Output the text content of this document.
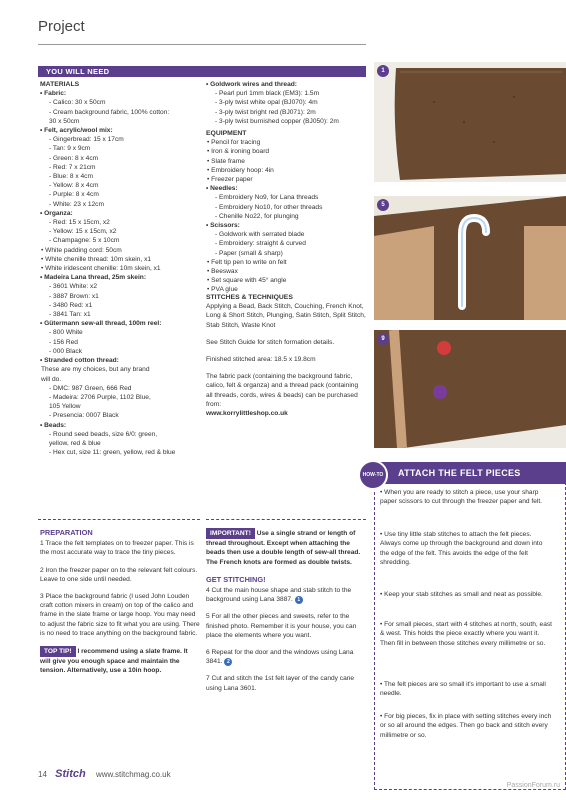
Project
YOU WILL NEED
MATERIALS
• Fabric:
- Calico: 30 x 50cm
- Cream background fabric, 100% cotton:
30 x 50cm
• Felt, acrylic/wool mix:
- Gingerbread: 15 x 17cm
- Tan: 9 x 9cm
- Green: 8 x 4cm
- Red: 7 x 21cm
- Blue: 8 x 4cm
- Yellow: 8 x 4cm
- Purple: 8 x 4cm
- White: 23 x 12cm
• Organza:
- Red: 15 x 15cm, x2
- Yellow: 15 x 15cm, x2
- Champagne: 5 x 10cm
• White padding cord: 50cm
• White chenille thread: 10m skein, x1
• White iridescent chenille: 10m skein, x1
• Madeira Lana thread, 25m skein:
- 3601 White: x2
- 3887 Brown: x1
- 3480 Red: x1
- 3841 Tan: x1
• Gütermann sew-all thread, 100m reel:
- 800 White
- 156 Red
- 000 Black
• Stranded cotton thread:
These are my choices, but any brand
will do.
- DMC: 987 Green, 666 Red
- Madeira: 2706 Purple, 1102 Blue,
105 Yellow
- Presencia: 0007 Black
• Beads:
- Round seed beads, size 6/0: green,
yellow, red & blue
- Hex cut, size 11: green, yellow, red & blue
• Goldwork wires and thread:
- Pearl purl 1mm black (EM3): 1.5m
- 3-ply twist white opal (BJ070): 4m
- 3-ply twist bright red (BJ071): 2m
- 3-ply twist burnished copper (BJ050): 2m
EQUIPMENT
• Pencil for tracing
• Iron & ironing board
• Slate frame
• Embroidery hoop: 4in
• Freezer paper
• Needles:
- Embroidery No9, for Lana threads
- Embroidery No10, for other threads
- Chenille No22, for plunging
• Scissors:
- Goldwork with serrated blade
- Embroidery: straight & curved
- Paper (small & sharp)
• Felt tip pen to write on felt
• Beeswax
• Set square with 45° angle
• PVA glue
STITCHES & TECHNIQUES
Applying a Bead, Back Stitch, Couching, French Knot, Long & Short Stitch, Plunging, Satin Stitch, Split Stitch, Stab Stitch, Waste Knot
See Stitch Guide for stitch formation details.
Finished stitched area: 18.5 x 19.8cm
The fabric pack (containing the background fabric, calico, felt & organza) and a thread pack (containing all threads, cords, wires & beads) can be purchased from:
www.korrylittleshop.co.uk
PREPARATION
1 Trace the felt templates on to freezer paper. This is the most accurate way to trace the tiny pieces.
2 Iron the freezer paper on to the relevant felt colours. Leave to one side until needed.
3 Place the background fabric (I used John Louden craft cotton mixers in cream) on top of the calico and frame in the slate frame or large hoop. You may need to adjust the fabric size to fit what you are using. There is no need to trace anything on the background fabric.
TOP TIP! I recommend using a slate frame. It will give you enough space and maintain the tension. Alternatively, use a 10in hoop.
IMPORTANT! Use a single strand or length of thread throughout. Except when attaching the beads then use a double length of sew-all thread. The French knots are formed as double twists.
GET STITCHING!
4 Cut the main house shape and stab stitch to the background using Lana 3887. 1
5 For all the other pieces and sweets, refer to the finished photo. Remember it is your house, you can place the elements where you want.
6 Repeat for the door and the windows using Lana 3841. 2
7 Cut and stitch the 1st felt layer of the candy cane using Lana 3601.
1
5
9
HOW-TO	ATTACH THE FELT PIECES
• When you are ready to stitch a piece, use your sharp paper scissors to cut through the freezer paper and felt.
• Use tiny little stab stitches to attach the felt pieces. Always come up through the background and down into the edge of the felt. This avoids the edge of the felt shredding.
• Keep your stab stitches as small and neat as possible.
• For small pieces, start with 4 stitches at north, south, east & west. This holds the piece exactly where you want it. Then fill in between those stitches every millimetre or so.
• The felt pieces are so small it's important to use a small needle.
• For big pieces, fix in place with setting stitches every inch or so all around the edges. Then go back and stitch every millimetre or so.
14 Stitch www.stitchmag.co.uk
PassionForum.ru
